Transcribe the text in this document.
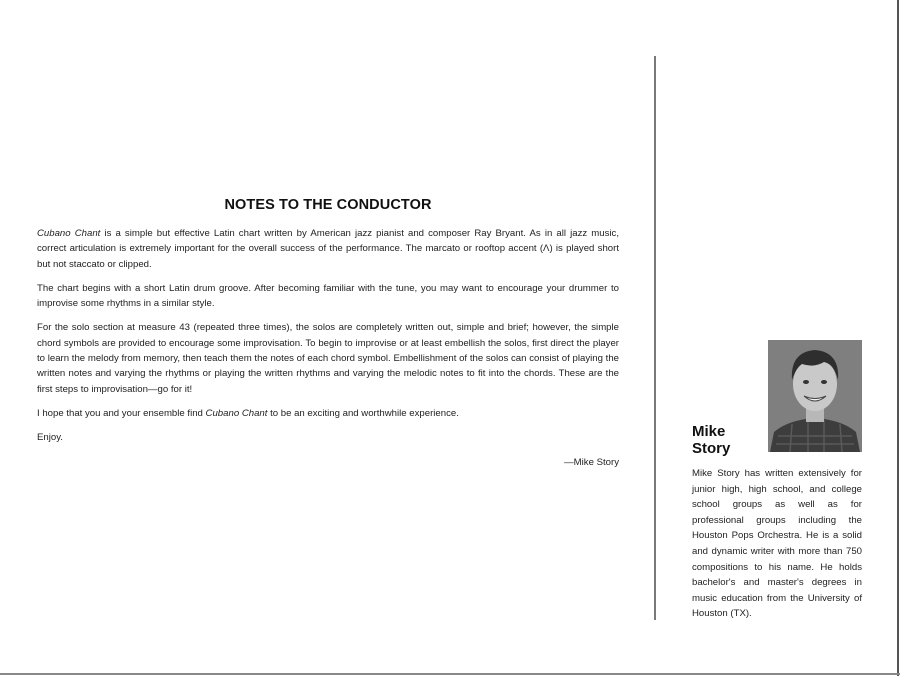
NOTES TO THE CONDUCTOR

Cubano Chant is a simple but effective Latin chart written by American jazz pianist and composer Ray Bryant. As in all jazz music, correct articulation is extremely important for the overall success of the performance. The marcato or rooftop accent (Λ) is played short but not staccato or clipped.

The chart begins with a short Latin drum groove. After becoming familiar with the tune, you may want to encourage your drummer to improvise some rhythms in a similar style.

For the solo section at measure 43 (repeated three times), the solos are completely written out, simple and brief; however, the simple chord symbols are provided to encourage some improvisation. To begin to improvise or at least embellish the solos, first direct the player to learn the melody from memory, then teach them the notes of each chord symbol. Embellishment of the solos can consist of playing the written notes and varying the rhythms or playing the written rhythms and varying the melodic notes to fit into the chords. These are the first steps to improvisation—go for it!

I hope that you and your ensemble find Cubano Chant to be an exciting and worthwhile experience.

Enjoy.

—Mike Story

Mike
Story

Mike Story has written extensively for junior high, high school, and college school groups as well as for professional groups including the Houston Pops Orchestra. He is a solid and dynamic writer with more than 750 compositions to his name. He holds bachelor's and master's degrees in music education from the University of Houston (TX).
